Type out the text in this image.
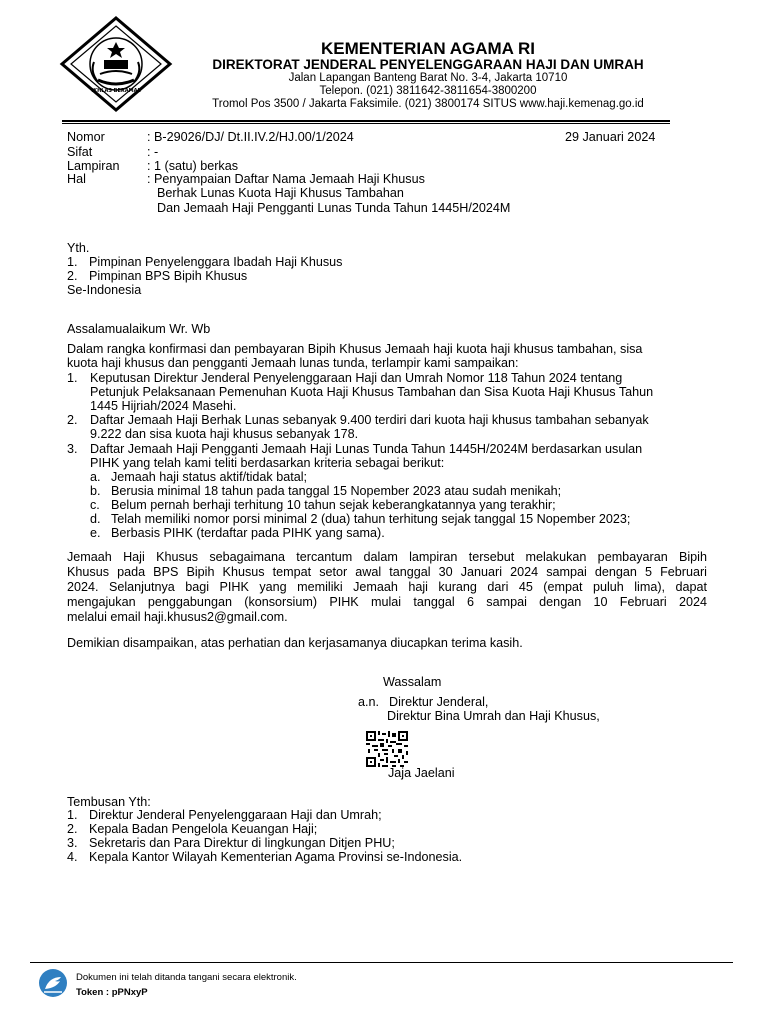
IKHLAS BERAMAL
KEMENTERIAN AGAMA RI
DIREKTORAT JENDERAL PENYELENGGARAAN HAJI DAN UMRAH
Jalan Lapangan Banteng Barat No. 3-4, Jakarta 10710
Telepon. (021) 3811642-3811654-3800200
Tromol Pos 3500 / Jakarta Faksimile. (021) 3800174 SITUS www.haji.kemenag.go.id
Nomor	: B-29026/DJ/ Dt.II.IV.2/HJ.00/1/2024	29 Januari 2024
Sifat	: -
Lampiran : 1 (satu) berkas
Hal	: Penyampaian Daftar Nama Jemaah Haji Khusus
Berhak Lunas Kuota Haji Khusus Tambahan
Dan Jemaah Haji Pengganti Lunas Tunda Tahun 1445H/2024M
Yth.
1. Pimpinan Penyelenggara Ibadah Haji Khusus
2. Pimpinan BPS Bipih Khusus
Se-Indonesia
Assalamualaikum Wr. Wb
Dalam rangka konfirmasi dan pembayaran Bipih Khusus Jemaah haji kuota haji khusus tambahan, sisa
kuota haji khusus dan pengganti Jemaah lunas tunda, terlampir kami sampaikan:
1. Keputusan Direktur Jenderal Penyelenggaraan Haji dan Umrah Nomor 118 Tahun 2024 tentang
Petunjuk Pelaksanaan Pemenuhan Kuota Haji Khusus Tambahan dan Sisa Kuota Haji Khusus Tahun
1445 Hijriah/2024 Masehi.
2. Daftar Jemaah Haji Berhak Lunas sebanyak 9.400 terdiri dari kuota haji khusus tambahan sebanyak
9.222 dan sisa kuota haji khusus sebanyak 178.
3. Daftar Jemaah Haji Pengganti Jemaah Haji Lunas Tunda Tahun 1445H/2024M berdasarkan usulan
PIHK yang telah kami teliti berdasarkan kriteria sebagai berikut:
a. Jemaah haji status aktif/tidak batal;
b. Berusia minimal 18 tahun pada tanggal 15 Nopember 2023 atau sudah menikah;
c. Belum pernah berhaji terhitung 10 tahun sejak keberangkatannya yang terakhir;
d. Telah memiliki nomor porsi minimal 2 (dua) tahun terhitung sejak tanggal 15 Nopember 2023;
e. Berbasis PIHK (terdaftar pada PIHK yang sama).
Jemaah Haji Khusus sebagaimana tercantum dalam lampiran tersebut melakukan pembayaran Bipih
Khusus pada BPS Bipih Khusus tempat setor awal tanggal 30 Januari 2024 sampai dengan 5 Februari
2024. Selanjutnya bagi PIHK yang memiliki Jemaah haji kurang dari 45 (empat puluh lima), dapat
mengajukan penggabungan (konsorsium) PIHK mulai tanggal 6 sampai dengan 10 Februari 2024
melalui email haji.khusus2@gmail.com.
Demikian disampaikan, atas perhatian dan kerjasamanya diucapkan terima kasih.
Wassalam
a.n. Direktur Jenderal,
Direktur Bina Umrah dan Haji Khusus,
Jaja Jaelani
Tembusan Yth:
1. Direktur Jenderal Penyelenggaraan Haji dan Umrah;
2. Kepala Badan Pengelola Keuangan Haji;
3. Sekretaris dan Para Direktur di lingkungan Ditjen PHU;
4. Kepala Kantor Wilayah Kementerian Agama Provinsi se-Indonesia.
Dokumen ini telah ditanda tangani secara elektronik.
Token : pPNxyP
